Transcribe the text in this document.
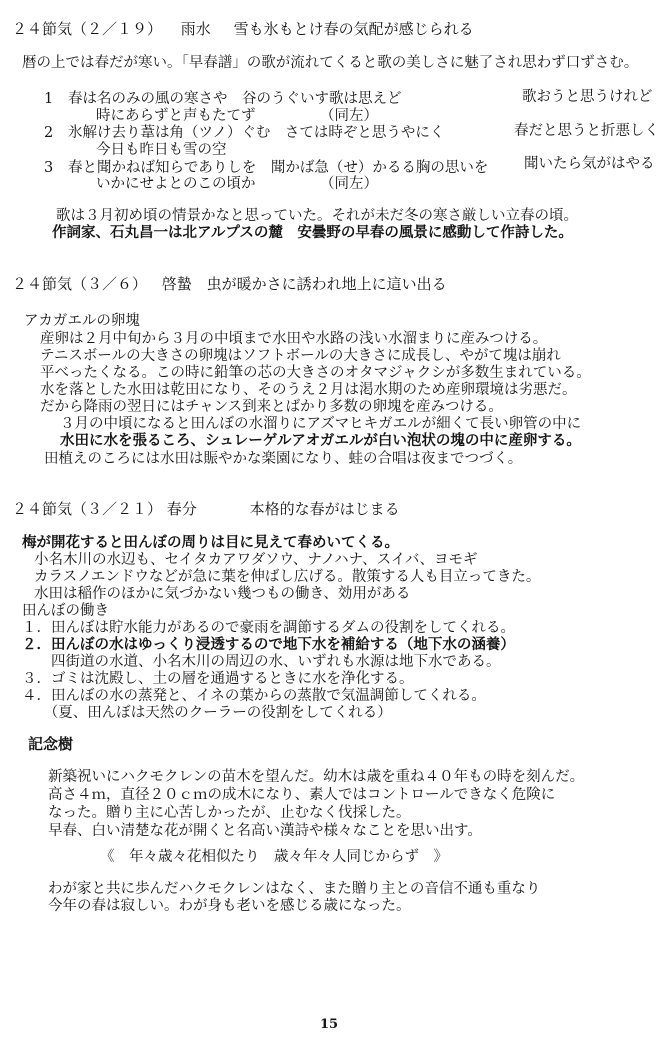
２４節気（２／１９） 雨水 雪も氷もとけ春の気配が感じられる
暦の上では春だが寒い。「早春譜」の歌が流れてくると歌の美しさに魅了され思わず口ずさむ。
1 春は名のみの風の寒さや　谷のうぐいす歌は思えど	歌おうと思うけれど
時にあらずと声もたてず	（同左）
2 氷解け去り葦は角（ツノ）ぐむ　さては時ぞと思うやにく	春だと思うと折悪しく
今日も昨日も雪の空
3 春と聞かねば知らでありしを　聞かば急（せ）かるる胸の思いを 聞いたら気がはやる
いかにせよとのこの頃か	（同左）
歌は３月初め頃の情景かなと思っていた。それが未だ冬の寒さ厳しい立春の頃。
作詞家、石丸昌一は北アルプスの麓　安曇野の早春の風景に感動して作詩した。
２４節気（３／６） 啓蟄 虫が暖かさに誘われ地上に這い出る
アカガエルの卵塊
産卵は２月中旬から３月の中頃まで水田や水路の浅い水溜まりに産みつける。
テニスボールの大きさの卵塊はソフトボールの大きさに成長し、やがて塊は崩れ
平べったくなる。この時に鉛筆の芯の大きさのオタマジャクシが多数生まれている。
水を落とした水田は乾田になり、そのうえ２月は渇水期のため産卵環境は劣悪だ。
だから降雨の翌日にはチャンス到来とばかり多数の卵塊を産みつける。
３月の中頃になると田んぼの水溜りにアズマヒキガエルが細くて長い卵管の中に
水田に水を張るころ、シュレーゲルアオガエルが白い泡状の塊の中に産卵する。
田植えのころには水田は賑やかな楽園になり、蛙の合唱は夜までつづく。
２４節気（３／２１） 春分	本格的な春がはじまる
梅が開花すると田んぼの周りは目に見えて春めいてくる。
小名木川の水辺も、セイタカアワダソウ、ナノハナ、スイバ、ヨモギ
カラスノエンドウなどが急に葉を伸ばし広げる。散策する人も目立ってきた。
水田は稲作のほかに気づかない幾つもの働き、効用がある
田んぼの働き
１．田んぼは貯水能力があるので豪雨を調節するダムの役割をしてくれる。
２．田んぼの水はゆっくり浸透するので地下水を補給する（地下水の涵養）
　　四街道の水道、小名木川の周辺の水、いずれも水源は地下水である。
３．ゴミは沈殿し、土の層を通過するときに水を浄化する。
４．田んぼの水の蒸発と、イネの葉からの蒸散で気温調節してくれる。
　　（夏、田んぼは天然のクーラーの役割をしてくれる）
記念樹
新築祝いにハクモクレンの苗木を望んだ。幼木は歳を重ね４０年もの時を刻んだ。
高さ４ｍ，直径２０ｃｍの成木になり、素人ではコントロールできなく危険に
なった。贈り主に心苦しかったが、止むなく伐採した。
早春、白い清楚な花が開くと名高い漢詩や様々なことを思い出す。
《　年々歳々花相似たり　歳々年々人同じからず　》
わが家と共に歩んだハクモクレンはなく、また贈り主との音信不通も重なり
今年の春は寂しい。わが身も老いを感じる歳になった。
15
